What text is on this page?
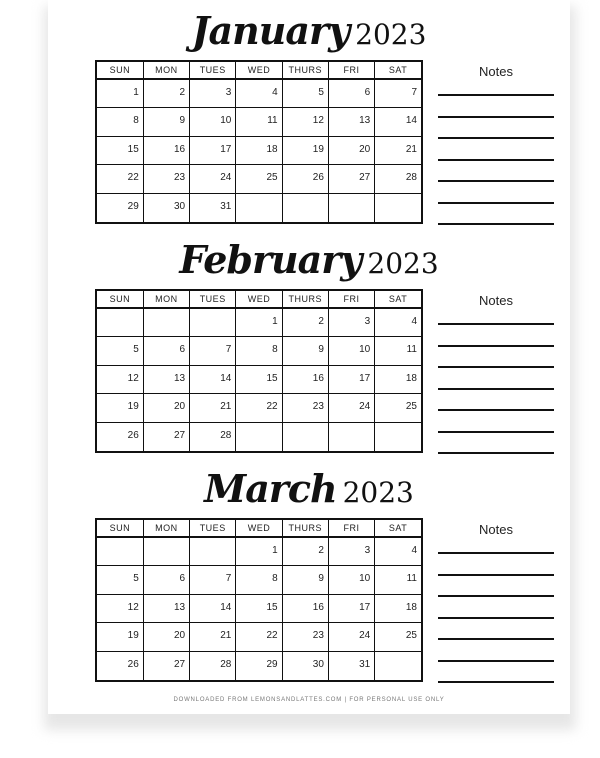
DOWNLOADED FROM LEMONSANDLATTES.COM | FOR PERSONAL USE ONLY
January 2023
SUN	MON	TUES	WED	THURS	FRI	SAT
1	2	3	4	5	6	7
8	9	10	11	12	13	14
15	16	17	18	19	20	21
22	23	24	25	26	27	28
29	30	31				
Notes
February 2023
SUN	MON	TUES	WED	THURS	FRI	SAT
			1	2	3	4
5	6	7	8	9	10	11
12	13	14	15	16	17	18
19	20	21	22	23	24	25
26	27	28				
Notes
March 2023
SUN	MON	TUES	WED	THURS	FRI	SAT
			1	2	3	4
5	6	7	8	9	10	11
12	13	14	15	16	17	18
19	20	21	22	23	24	25
26	27	28	29	30	31	
Notes
